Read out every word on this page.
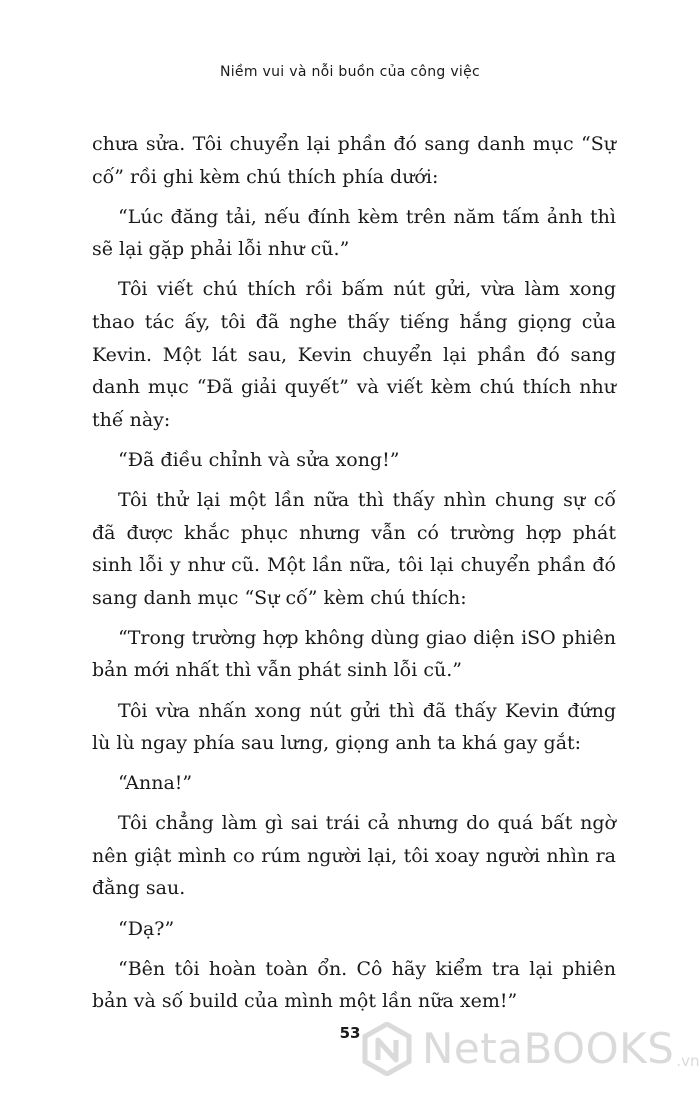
Niềm vui và nỗi buồn của công việc

chưa sửa. Tôi chuyển lại phần đó sang danh mục “Sự cố” rồi ghi kèm chú thích phía dưới:

“Lúc đăng tải, nếu đính kèm trên năm tấm ảnh thì sẽ lại gặp phải lỗi như cũ.”

Tôi viết chú thích rồi bấm nút gửi, vừa làm xong thao tác ấy, tôi đã nghe thấy tiếng hắng giọng của Kevin. Một lát sau, Kevin chuyển lại phần đó sang danh mục “Đã giải quyết” và viết kèm chú thích như thế này:

“Đã điều chỉnh và sửa xong!”

Tôi thử lại một lần nữa thì thấy nhìn chung sự cố đã được khắc phục nhưng vẫn có trường hợp phát sinh lỗi y như cũ. Một lần nữa, tôi lại chuyển phần đó sang danh mục “Sự cố” kèm chú thích:

“Trong trường hợp không dùng giao diện iSO phiên bản mới nhất thì vẫn phát sinh lỗi cũ.”

Tôi vừa nhấn xong nút gửi thì đã thấy Kevin đứng lù lù ngay phía sau lưng, giọng anh ta khá gay gắt:

“Anna!”

Tôi chẳng làm gì sai trái cả nhưng do quá bất ngờ nên giật mình co rúm người lại, tôi xoay người nhìn ra đằng sau.

“Dạ?”

“Bên tôi hoàn toàn ổn. Cô hãy kiểm tra lại phiên bản và số build của mình một lần nữa xem!”

53	NetaBOOKS .vn
